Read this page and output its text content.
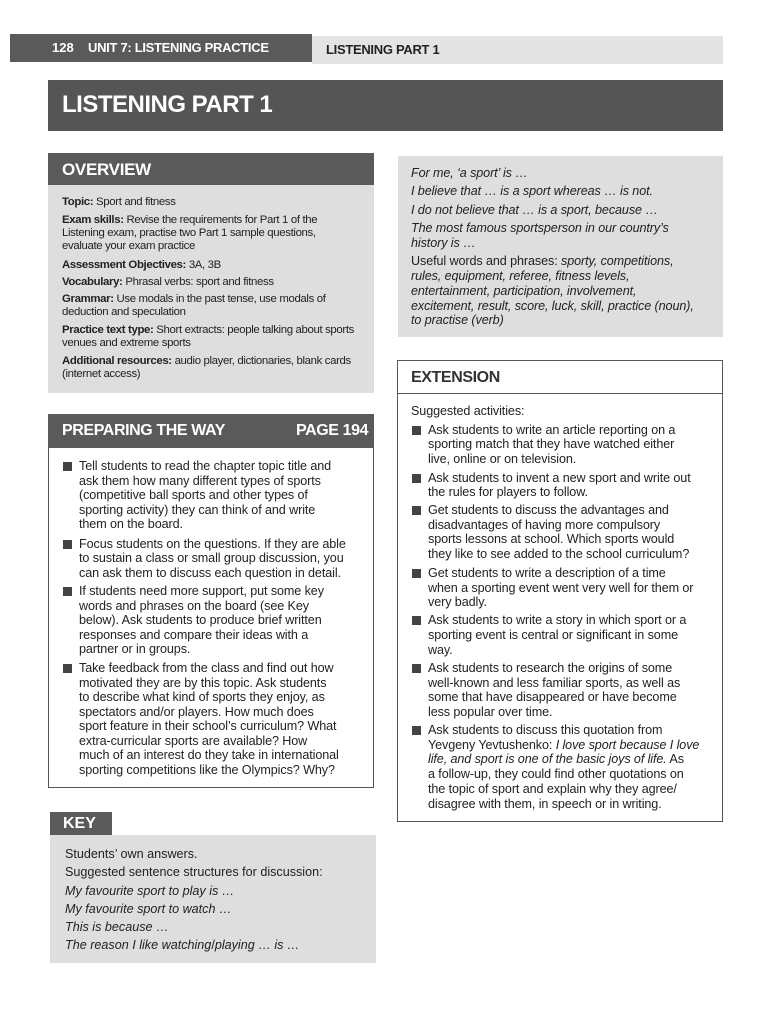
128 UNIT 7: LISTENING PRACTICE	LISTENING PART 1
LISTENING PART 1
OVERVIEW
Topic: Sport and fitness
Exam skills: Revise the requirements for Part 1 of the
Listening exam, practise two Part 1 sample questions,
evaluate your exam practice
Assessment Objectives: 3A, 3B
Vocabulary: Phrasal verbs: sport and fitness
Grammar: Use modals in the past tense, use modals of
deduction and speculation
Practice text type: Short extracts: people talking about sports
venues and extreme sports
Additional resources: audio player, dictionaries, blank cards
(internet access)
For me, ‘a sport’ is …
I believe that … is a sport whereas … is not.
I do not believe that … is a sport, because …
The most famous sportsperson in our country’s
history is …
Useful words and phrases: sporty, competitions,
rules, equipment, referee, fitness levels,
entertainment, participation, involvement,
excitement, result, score, luck, skill, practice (noun),
to practise (verb)
PREPARING THE WAY	PAGE 194
Tell students to read the chapter topic title and
ask them how many different types of sports
(competitive ball sports and other types of
sporting activity) they can think of and write
them on the board.
Focus students on the questions. If they are able
to sustain a class or small group discussion, you
can ask them to discuss each question in detail.
If students need more support, put some key
words and phrases on the board (see Key
below). Ask students to produce brief written
responses and compare their ideas with a
partner or in groups.
Take feedback from the class and find out how
motivated they are by this topic. Ask students
to describe what kind of sports they enjoy, as
spectators and/or players. How much does
sport feature in their school’s curriculum? What
extra-curricular sports are available? How
much of an interest do they take in international
sporting competitions like the Olympics? Why?
EXTENSION
Suggested activities:
Ask students to write an article reporting on a
sporting match that they have watched either
live, online or on television.
Ask students to invent a new sport and write out
the rules for players to follow.
Get students to discuss the advantages and
disadvantages of having more compulsory
sports lessons at school. Which sports would
they like to see added to the school curriculum?
Get students to write a description of a time
when a sporting event went very well for them or
very badly.
Ask students to write a story in which sport or a
sporting event is central or significant in some
way.
Ask students to research the origins of some
well-known and less familiar sports, as well as
some that have disappeared or have become
less popular over time.
Ask students to discuss this quotation from
Yevgeny Yevtushenko: I love sport because I love
life, and sport is one of the basic joys of life. As
a follow-up, they could find other quotations on
the topic of sport and explain why they agree/
disagree with them, in speech or in writing.
KEY
Students’ own answers.
Suggested sentence structures for discussion:
My favourite sport to play is …
My favourite sport to watch …
This is because …
The reason I like watching/playing … is …
